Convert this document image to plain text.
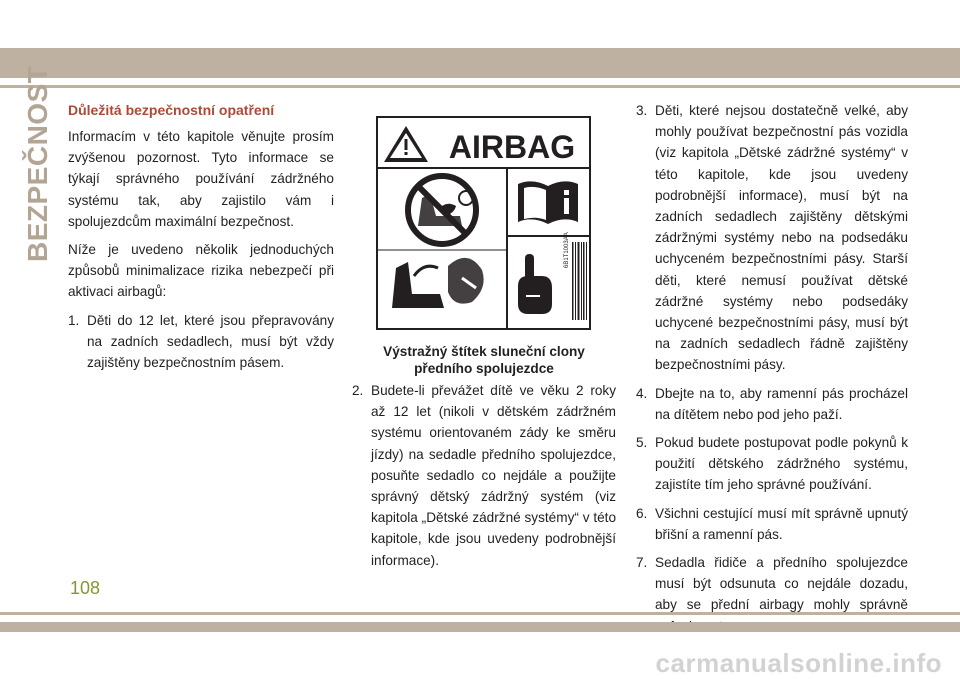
BEZPEČNOST Důležitá bezpečnostní opatření

Informacím v této kapitole věnujte prosím zvýšenou pozornost. Tyto informace se týkají správného používání zádržného systému tak, aby zajistilo vám i spolujezdcům maximální bezpečnost.

Níže je uvedeno několik jednoduchých způsobů minimalizace rizika nebezpečí při aktivaci airbagů:

1. Děti do 12 let, které jsou přepravovány na zadních sedadlech, musí být vždy zajištěny bezpečnostním pásem.
AIRBAG
6B1T1003AA
Výstražný štítek sluneční clony
předního spolujezdce
2. Budete-li převážet dítě ve věku 2 roky až 12 let (nikoli v dětském zádržném systému orientovaném zády ke směru jízdy) na sedadle předního spolujezdce, posuňte sedadlo co nejdále a použijte správný dětský zádržný systém (viz kapitola „Dětské zádržné systémy“ v této kapitole, kde jsou uvedeny podrobnější informace).
3. Děti, které nejsou dostatečně velké, aby mohly používat bezpečnostní pás vozidla (viz kapitola „Dětské zádržné systémy“ v této kapitole, kde jsou uvedeny podrobnější informace), musí být na zadních sedadlech zajištěny dětskými zádržnými systémy nebo na podsedáku uchyceném bezpečnostními pásy. Starší děti, které nemusí používat dětské zádržné systémy nebo podsedáky uchycené bezpečnostními pásy, musí být na zadních sedadlech řádně zajištěny bezpečnostními pásy.
4. Dbejte na to, aby ramenní pás procházel na dítětem nebo pod jeho paží.
5. Pokud budete postupovat podle pokynů k použití dětského zádržného systému, zajistíte tím jeho správné používání.
6. Všichni cestující musí mít správně upnutý břišní a ramenní pás.
7. Sedadla řidiče a předního spolujezdce musí být odsunuta co nejdále dozadu, aby se přední airbagy mohly správně
108
carmanualsonline.info
